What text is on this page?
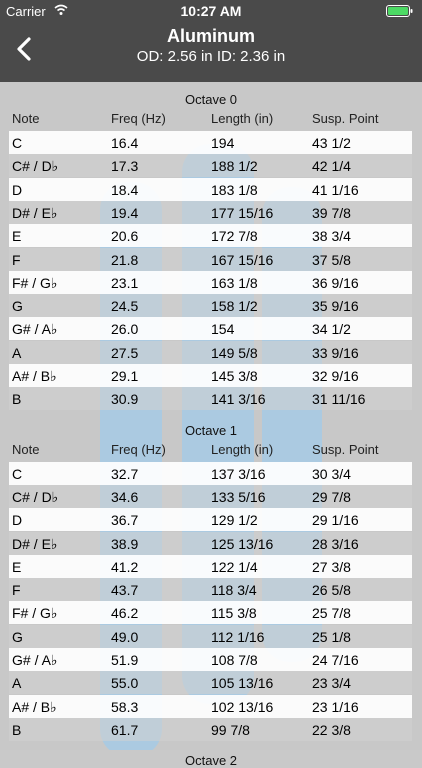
Carrier	10:27 AM
Aluminum
OD: 2.56 in ID: 2.36 in
Octave 0
Note	Freq (Hz)	Length (in)	Susp. Point
C	16.4	194	43 1/2
C# / D♭	17.3	188 1/2	42 1/4
D	18.4	183 1/8	41 1/16
D# / E♭	19.4	177 15/16	39 7/8
E	20.6	172 7/8	38 3/4
F	21.8	167 15/16	37 5/8
F# / G♭	23.1	163 1/8	36 9/16
G	24.5	158 1/2	35 9/16
G# / A♭	26.0	154	34 1/2
A	27.5	149 5/8	33 9/16
A# / B♭	29.1	145 3/8	32 9/16
B	30.9	141 3/16	31 11/16
Octave 1
Note	Freq (Hz)	Length (in)	Susp. Point
C	32.7	137 3/16	30 3/4
C# / D♭	34.6	133 5/16	29 7/8
D	36.7	129 1/2	29 1/16
D# / E♭	38.9	125 13/16	28 3/16
E	41.2	122 1/4	27 3/8
F	43.7	118 3/4	26 5/8
F# / G♭	46.2	115 3/8	25 7/8
G	49.0	112 1/16	25 1/8
G# / A♭	51.9	108 7/8	24 7/16
A	55.0	105 13/16	23 3/4
A# / B♭	58.3	102 13/16	23 1/16
B	61.7	99 7/8	22 3/8
Octave 2
